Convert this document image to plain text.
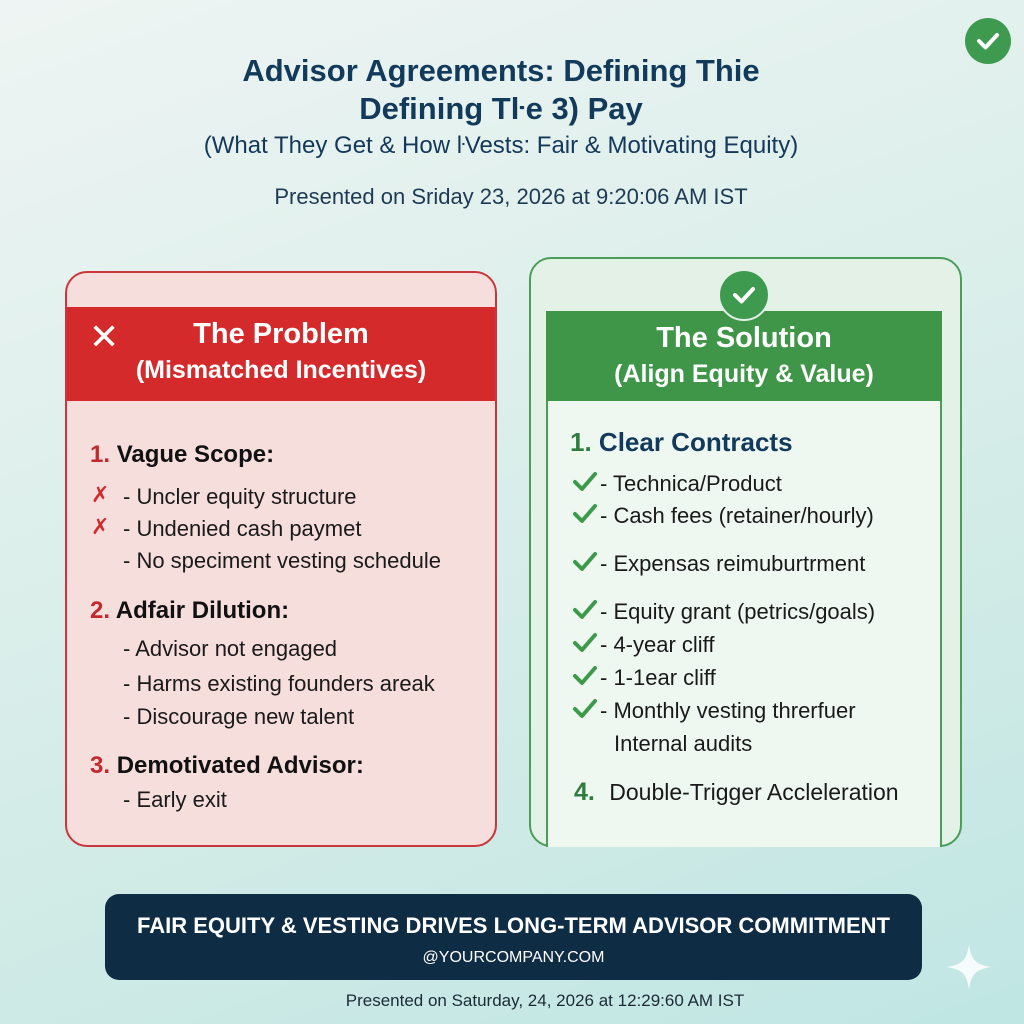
Advisor Agreements: Defining Thie
Defining Tŀe 3) Pay
(What They Get & How ŀVests: Fair & Motivating Equity)
Presented on Sriday 23, 2026 at 9:20:06 AM IST
✕	The Problem
(Mismatched Incentives)
1. Vague Scope:
✗ - Uncler equity structure
✗ - Undenied cash paymet
- No speciment vesting schedule
2. Adfair Dilution:
- Advisor not engaged
- Harms existing founders areak
- Discourage new talent
3. Demotivated Advisor:
- Early exit
The Solution
(Align Equity & Value)
1. Clear Contracts
- Technica/Product
- Cash fees (retainer/hourly)
- Expensas reimuburtrment
- Equity grant (petrics/goals)
- 4-year cliff
- 1-1ear cliff
- Monthly vesting threrfuer
Internal audits
4. Double-Trigger Accleleration
FAIR EQUITY & VESTING DRIVES LONG-TERM ADVISOR COMMITMENT
@YOURCOMPANY.COM
Presented on Saturday, 24, 2026 at 12:29:60 AM IST
